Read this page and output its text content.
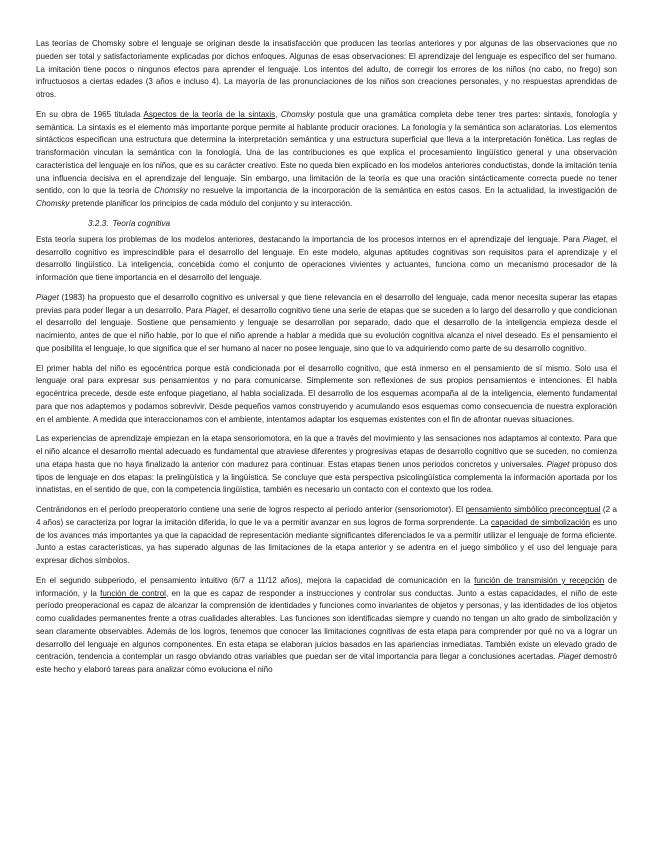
Las teorías de Chomsky sobre el lenguaje se originan desde la insatisfacción que producen las teorías anteriores y por algunas de las observaciones que no pueden ser total y satisfactoriamente explicadas por dichos enfoques. Algunas de esas observaciones: El aprendizaje del lenguaje es específico del ser humano. La imitación tiene pocos o ningunos efectos para aprender el lenguaje. Los intentos del adulto, de corregir los errores de los niños (no cabo, no frego) son infructuosos a ciertas edades (3 años e incluso 4). La mayoría de las pronunciaciones de los niños son creaciones personales, y no respuestas aprendidas de otros.

En su obra de 1965 titulada Aspectos de la teoría de la sintaxis, Chomsky postula que una gramática completa debe tener tres partes: sintaxis, fonología y semántica. La sintaxis es el elemento más importante porque permite al hablante producir oraciones. La fonología y la semántica son aclaratorias. Los elementos sintácticos especifican una estructura que determina la interpretación semántica y una estructura superficial que lleva a la interpretación fonética. Las reglas de transformación vinculan la semántica con la fonología. Una de las contribuciones es que explica el procesamiento lingüístico general y una observación característica del lenguaje en los niños, que es su carácter creativo. Este no queda bien explicado en los modelos anteriores conductistas, donde la imitación tenía una influencia decisiva en el aprendizaje del lenguaje. Sin embargo, una limitación de la teoría es que una oración sintácticamente correcta puede no tener sentido, con lo que la teoría de Chomsky no resuelve la importancia de la incorporación de la semántica en estos casos. En la actualidad, la investigación de Chomsky pretende planificar los principios de cada módulo del conjunto y su interacción.

3.2.3. Teoría cognitiva

Esta teoría supera los problemas de los modelos anteriores, destacando la importancia de los procesos internos en el aprendizaje del lenguaje. Para Piaget, el desarrollo cognitivo es imprescindible para el desarrollo del lenguaje. En este modelo, algunas aptitudes cognitivas son requisitos para el aprendizaje y el desarrollo lingüístico. La inteligencia, concebida como el conjunto de operaciones vivientes y actuantes, funciona como un mecanismo procesador de la información que tiene importancia en el desarrollo del lenguaje.

Piaget (1983) ha propuesto que el desarrollo cognitivo es universal y que tiene relevancia en el desarrollo del lenguaje, cada menor necesita superar las etapas previas para poder llegar a un desarrollo. Para Piaget, el desarrollo cognitivo tiene una serie de etapas que se suceden a lo largo del desarrollo y que condicionan el desarrollo del lenguaje. Sostiene que pensamiento y lenguaje se desarrollan por separado, dado que el desarrollo de la inteligencia empieza desde el nacimiento, antes de que el niño hable, por lo que el niño aprende a hablar a medida que su evolución cognitiva alcanza el nivel deseado. Es el pensamiento el que posibilita el lenguaje, lo que significa que el ser humano al nacer no posee lenguaje, sino que lo va adquiriendo como parte de su desarrollo cognitivo.

El primer habla del niño es egocéntrica porque está condicionada por el desarrollo cognitivo, que está inmerso en el pensamiento de sí mismo. Solo usa el lenguaje oral para expresar sus pensamientos y no para comunicarse. Simplemente son reflexiones de sus propios pensamientos e intenciones. El habla egocéntrica precede, desde este enfoque piagetiano, al habla socializada. El desarrollo de los esquemas acompaña al de la inteligencia, elemento fundamental para que nos adaptemos y podamos sobrevivir. Desde pequeños vamos construyendo y acumulando esos esquemas como consecuencia de nuestra exploración en el ambiente. A medida que interaccionamos con el ambiente, intentamos adaptar los esquemas existentes con el fin de afrontar nuevas situaciones.

Las experiencias de aprendizaje empiezan en la etapa sensoriomotora, en la que a través del movimiento y las sensaciones nos adaptamos al contexto. Para que el niño alcance el desarrollo mental adecuado es fundamental que atraviese diferentes y progresivas etapas de desarrollo cognitivo que se suceden, no comienza una etapa hasta que no haya finalizado la anterior con madurez para continuar. Estas etapas tienen unos periodos concretos y universales. Piaget propuso dos tipos de lenguaje en dos etapas: la prelingüística y la lingüística. Se concluye que esta perspectiva psicolingüística complementa la información aportada por los innatistas, en el sentido de que, con la competencia lingüística, también es necesario un contacto con el contexto que los rodea.

Centrándonos en el período preoperatorio contiene una serie de logros respecto al período anterior (sensoriomotor). El pensamiento simbólico preconceptual (2 a 4 años) se caracteriza por lograr la imitación diferida, lo que le va a permitir avanzar en sus logros de forma sorprendente. La capacidad de simbolización es uno de los avances más importantes ya que la capacidad de representación mediante significantes diferenciados le va a permitir utilizar el lenguaje de forma eficiente. Junto a estas características, ya has superado algunas de las limitaciones de la etapa anterior y se adentra en el juego simbólico y el uso del lenguaje para expresar dichos símbolos.

En el segundo subperiodo, el pensamiento intuitivo (6/7 a 11/12 años), mejora la capacidad de comunicación en la función de transmisión y recepción de información, y la función de control, en la que es capaz de responder a instrucciones y controlar sus conductas. Junto a estas capacidades, el niño de este período preoperacional es capaz de alcanzar la comprensión de identidades y funciones como invariantes de objetos y personas, y las identidades de los objetos como cualidades permanentes frente a otras cualidades alterables. Las funciones son identificadas siempre y cuando no tengan un alto grado de simbolización y sean claramente observables. Además de los logros, tenemos que conocer las limitaciones cognitivas de esta etapa para comprender por qué no va a lograr un desarrollo del lenguaje en algunos componentes. En esta etapa se elaboran juicios basados en las apariencias inmediatas. También existe un elevado grado de centración, tendencia a contemplar un rasgo obviando otras variables que puedan ser de vital importancia para llegar a conclusiones acertadas. Piaget demostró este hecho y elaboró tareas para analizar cómo evoluciona el niño
